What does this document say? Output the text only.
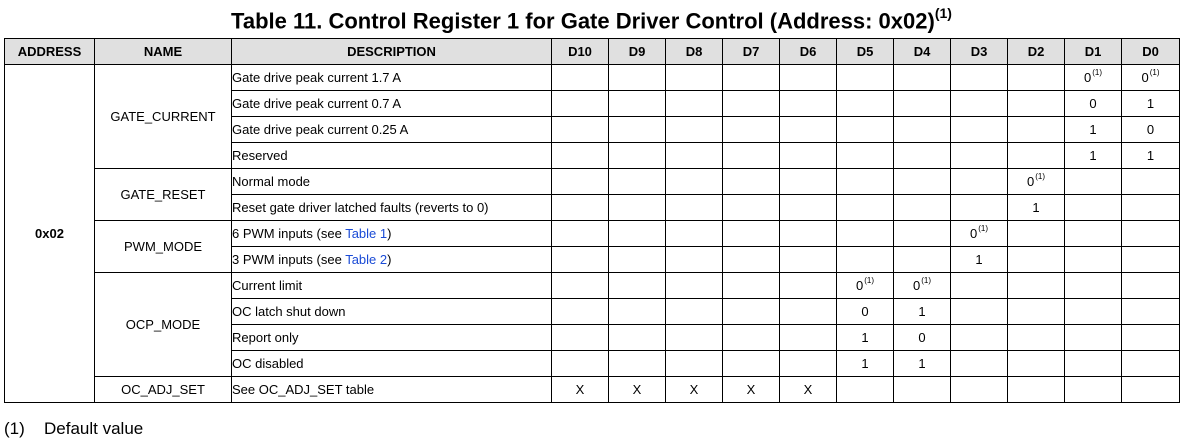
Table 11. Control Register 1 for Gate Driver Control (Address: 0x02)$^{(1)}$
ADDRESS	NAME	DESCRIPTION	D10	D9	D8	D7	D6	D5	D4	D3	D2	D1	D0
0x02	GATE_CURRENT	Gate drive peak current 1.7 A										0$^{(1)}$	0$^{(1)}$
		Gate drive peak current 0.7 A										0	1
		Gate drive peak current 0.25 A										1	0
		Reserved										1	1
	GATE_RESET	Normal mode									0$^{(1)}$		
		Reset gate driver latched faults (reverts to 0)									1		
	PWM_MODE	6 PWM inputs (see Table 1)								0$^{(1)}$			
		3 PWM inputs (see Table 2)								1			
	OCP_MODE	Current limit						0$^{(1)}$	0$^{(1)}$				
		OC latch shut down						0	1				
		Report only						1	0				
		OC disabled						1	1				
	OC_ADJ_SET	See OC_ADJ_SET table	X	X	X	X	X						
(1) Default value
